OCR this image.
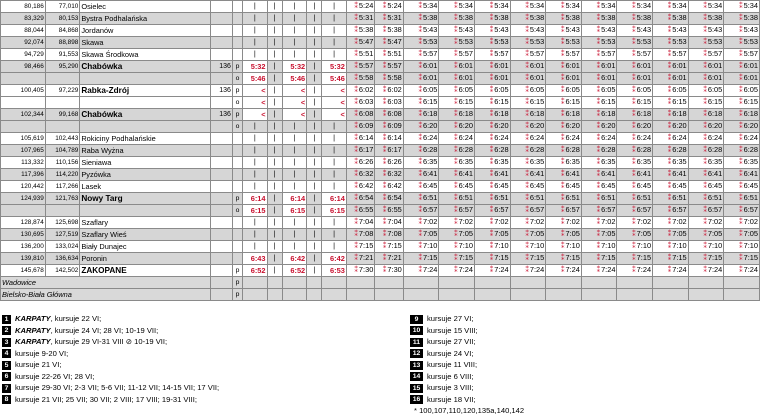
80,186	77,010	Osielec			|	|	|	|	|	⁑5:24	⁑5:24	⁑5:34	⁑5:34	⁑5:34	⁑5:34	⁑5:34	⁑5:34	⁑5:34	⁑5:34	⁑5:34	⁑5:34
83,329	80,153	Bystra Podhalańska			|	|	|	|	|	⁑5:31	⁑5:31	⁑5:38	⁑5:38	⁑5:38	⁑5:38	⁑5:38	⁑5:38	⁑5:38	⁑5:38	⁑5:38	⁑5:38
88,044	84,868	Jordanów			|	|	|	|	|	⁑5:38	⁑5:38	⁑5:43	⁑5:43	⁑5:43	⁑5:43	⁑5:43	⁑5:43	⁑5:43	⁑5:43	⁑5:43	⁑5:43
92,074	88,898	Skawa			|	|	|	|	|	⁑5:47	⁑5:47	⁑5:53	⁑5:53	⁑5:53	⁑5:53	⁑5:53	⁑5:53	⁑5:53	⁑5:53	⁑5:53	⁑5:53
94,729	91,553	Skawa Środkowa			|	|	|	|	|	⁑5:51	⁑5:51	⁑5:57	⁑5:57	⁑5:57	⁑5:57	⁑5:57	⁑5:57	⁑5:57	⁑5:57	⁑5:57	⁑5:57
98,466	95,290	Chabówka	136	p	5:32	|	5:32	|	5:32	⁑5:57	⁑5:57	⁑6:01	⁑6:01	⁑6:01	⁑6:01	⁑6:01	⁑6:01	⁑6:01	⁑6:01	⁑6:01	⁑6:01
				o	5:46	|	5:46	|	5:46	⁑5:58	⁑5:58	⁑6:01	⁑6:01	⁑6:01	⁑6:01	⁑6:01	⁑6:01	⁑6:01	⁑6:01	⁑6:01	⁑6:01
100,405	97,229	Rabka-Zdrój	136	p	<	|	<	|	<	⁑6:02	⁑6:02	⁑6:05	⁑6:05	⁑6:05	⁑6:05	⁑6:05	⁑6:05	⁑6:05	⁑6:05	⁑6:05	⁑6:05
				o	<	|	<	|	<	⁑6:03	⁑6:03	⁑6:15	⁑6:15	⁑6:15	⁑6:15	⁑6:15	⁑6:15	⁑6:15	⁑6:15	⁑6:15	⁑6:15
102,344	99,168	Chabówka	136	p	<	|	<	|	<	⁑6:08	⁑6:08	⁑6:18	⁑6:18	⁑6:18	⁑6:18	⁑6:18	⁑6:18	⁑6:18	⁑6:18	⁑6:18	⁑6:18
				o	|	|	|	|	|	⁑6:09	⁑6:09	⁑6:20	⁑6:20	⁑6:20	⁑6:20	⁑6:20	⁑6:20	⁑6:20	⁑6:20	⁑6:20	⁑6:20
105,619	102,443	Rokiciny Podhalańskie			|	|	|	|	|	⁑6:14	⁑6:14	⁑6:24	⁑6:24	⁑6:24	⁑6:24	⁑6:24	⁑6:24	⁑6:24	⁑6:24	⁑6:24	⁑6:24
107,965	104,789	Raba Wyżna			|	|	|	|	|	⁑6:17	⁑6:17	⁑6:28	⁑6:28	⁑6:28	⁑6:28	⁑6:28	⁑6:28	⁑6:28	⁑6:28	⁑6:28	⁑6:28
113,332	110,156	Sieniawa			|	|	|	|	|	⁑6:26	⁑6:26	⁑6:35	⁑6:35	⁑6:35	⁑6:35	⁑6:35	⁑6:35	⁑6:35	⁑6:35	⁑6:35	⁑6:35
117,396	114,220	Pyzówka			|	|	|	|	|	⁑6:32	⁑6:32	⁑6:41	⁑6:41	⁑6:41	⁑6:41	⁑6:41	⁑6:41	⁑6:41	⁑6:41	⁑6:41	⁑6:41
120,442	117,266	Lasek			|	|	|	|	|	⁑6:42	⁑6:42	⁑6:45	⁑6:45	⁑6:45	⁑6:45	⁑6:45	⁑6:45	⁑6:45	⁑6:45	⁑6:45	⁑6:45
124,939	121,763	Nowy Targ		p	6:14	|	6:14	|	6:14	⁑6:54	⁑6:54	⁑6:51	⁑6:51	⁑6:51	⁑6:51	⁑6:51	⁑6:51	⁑6:51	⁑6:51	⁑6:51	⁑6:51
				o	6:15	|	6:15	|	6:15	⁑6:55	⁑6:55	⁑6:57	⁑6:57	⁑6:57	⁑6:57	⁑6:57	⁑6:57	⁑6:57	⁑6:57	⁑6:57	⁑6:57
128,874	125,698	Szaflary			|	|	|	|	|	⁑7:04	⁑7:04	⁑7:02	⁑7:02	⁑7:02	⁑7:02	⁑7:02	⁑7:02	⁑7:02	⁑7:02	⁑7:02	⁑7:02
130,695	127,519	Szaflary Wieś			|	|	|	|	|	⁑7:08	⁑7:08	⁑7:05	⁑7:05	⁑7:05	⁑7:05	⁑7:05	⁑7:05	⁑7:05	⁑7:05	⁑7:05	⁑7:05
136,200	133,024	Biały Dunajec			|	|	|	|	|	⁑7:15	⁑7:15	⁑7:10	⁑7:10	⁑7:10	⁑7:10	⁑7:10	⁑7:10	⁑7:10	⁑7:10	⁑7:10	⁑7:10
139,810	136,634	Poronin			6:43	|	6:42	|	6:42	⁑7:21	⁑7:21	⁑7:15	⁑7:15	⁑7:15	⁑7:15	⁑7:15	⁑7:15	⁑7:15	⁑7:15	⁑7:15	⁑7:15
145,678	142,502	ZAKOPANE		p	6:52	|	6:52	|	6:53	⁑7:30	⁑7:30	⁑7:24	⁑7:24	⁑7:24	⁑7:24	⁑7:24	⁑7:24	⁑7:24	⁑7:24	⁑7:24	⁑7:24
Wadowice				p																	
Bielsko-Biała Główna				p																	
1 KARPATY, kursuje 22 VI;
2 KARPATY, kursuje 24 VI; 28 VI; 10-19 VII;
3 KARPATY, kursuje 29 VI-31 VIII ⊘ 10-19 VII;
4 kursuje 9-20 VI;
5 kursuje 21 VI;
6 kursuje 22-26 VI; 28 VI;
7 kursuje 29-30 VI; 2-3 VII; 5-6 VII; 11-12 VII; 14-15 VII; 17 VII;
8 kursuje 21 VII; 25 VII; 30 VII; 2 VIII; 17 VIII; 19-31 VIII;
9 kursuje 27 VI;
10 kursuje 15 VIII;
11 kursuje 27 VII;
12 kursuje 24 VI;
13 kursuje 11 VIII;
14 kursuje 6 VIII;
15 kursuje 3 VIII;
16 kursuje 18 VII;
* 100,107,110,120,135a,140,142
